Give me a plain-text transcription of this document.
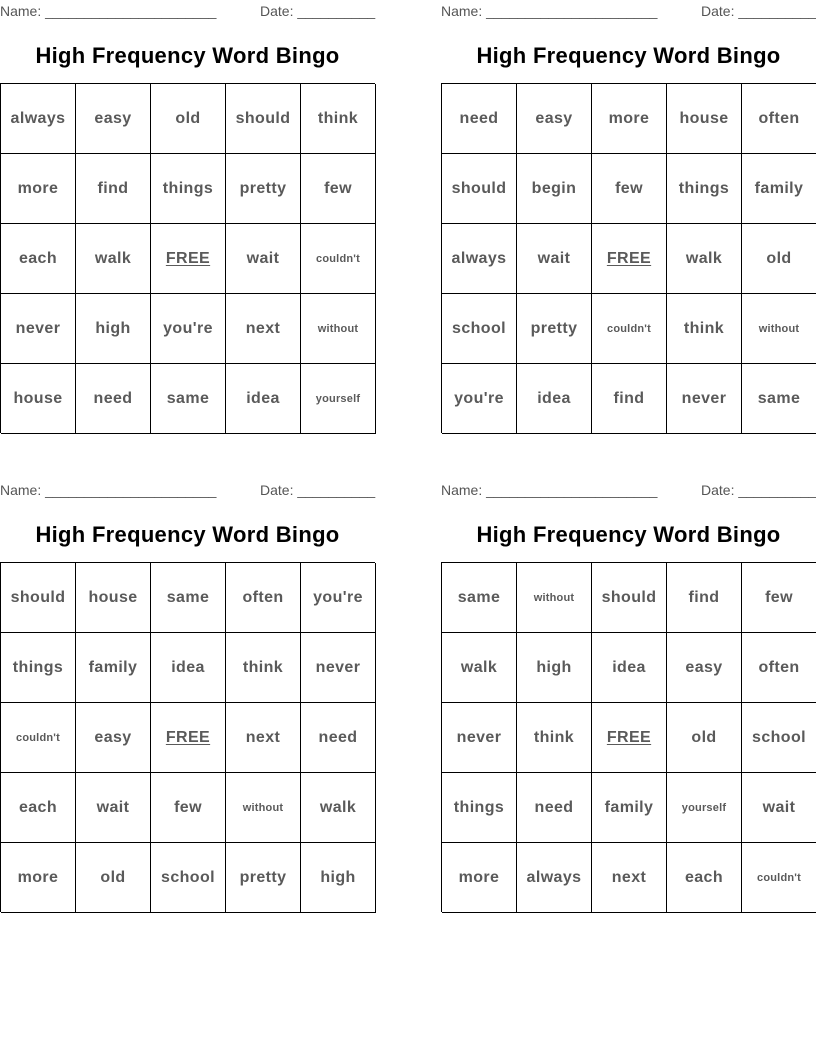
Name: ______________________	Date: __________
High Frequency Word Bingo
always	easy	old	should	think
more	find	things	pretty	few
each	walk	FREE	wait	couldn't
never	high	you're	next	without
house	need	same	idea	yourself
Name: ______________________	Date: __________
High Frequency Word Bingo
need	easy	more	house	often
should	begin	few	things	family
always	wait	FREE	walk	old
school	pretty	couldn't	think	without
you're	idea	find	never	same
Name: ______________________	Date: __________
High Frequency Word Bingo
should	house	same	often	you're
things	family	idea	think	never
couldn't	easy	FREE	next	need
each	wait	few	without	walk
more	old	school	pretty	high
Name: ______________________	Date: __________
High Frequency Word Bingo
same	without	should	find	few
walk	high	idea	easy	often
never	think	FREE	old	school
things	need	family	yourself	wait
more	always	next	each	couldn't
